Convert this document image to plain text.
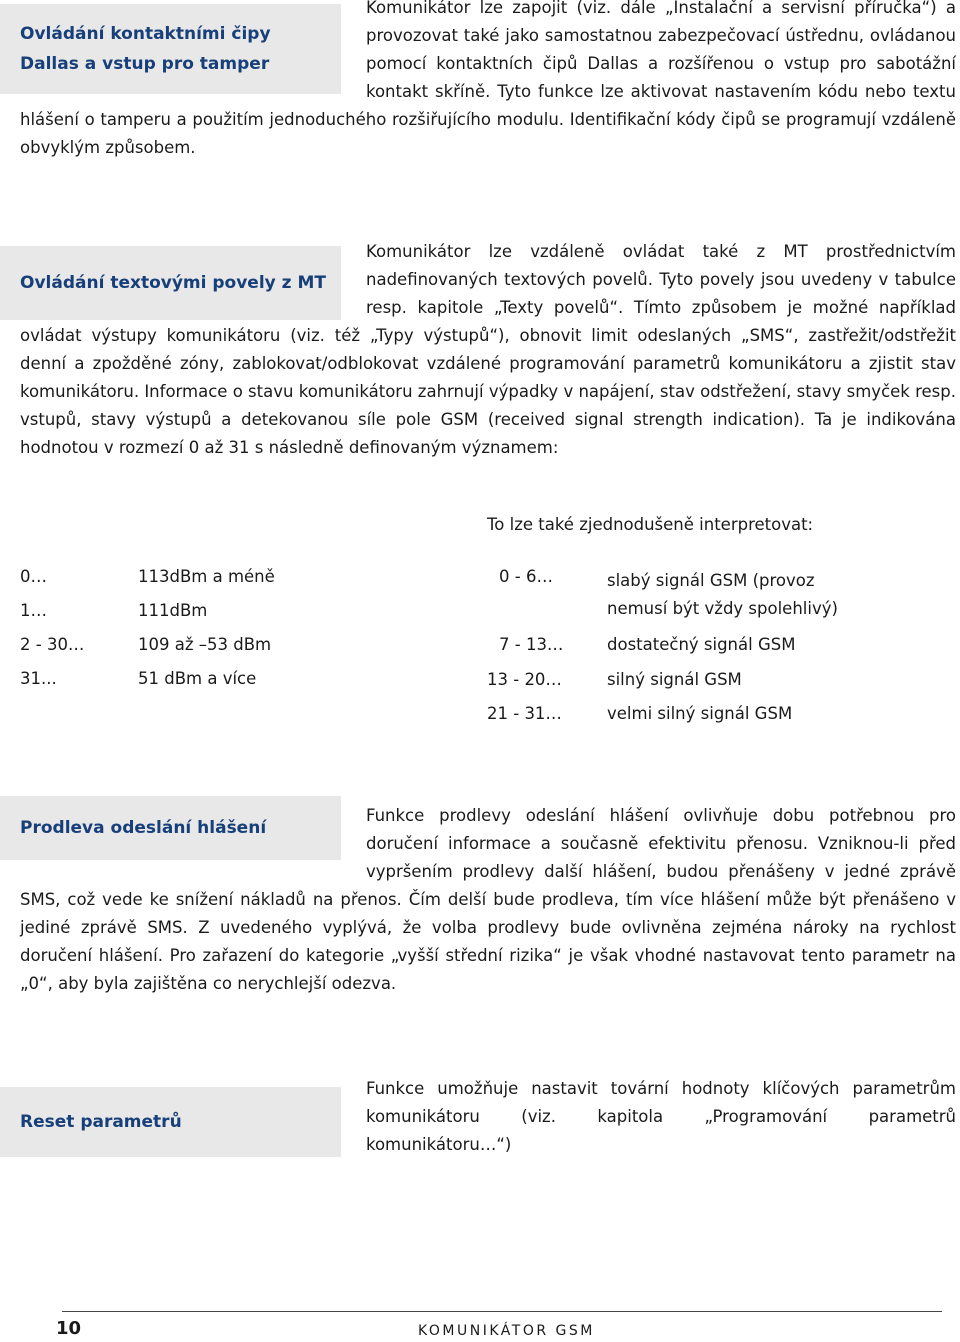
Ovládání kontaktními čipy
Dallas a vstup pro tamper

Komunikátor lze zapojit (viz. dále „Instalační a servisní příručka“) a provozovat také jako samostatnou zabezpečovací ústřednu, ovládanou pomocí kontaktních čipů Dallas a rozšířenou o vstup pro sabotážní kontakt skříně. Tyto funkce lze aktivovat nastavením kódu nebo textu hlášení o tamperu a použitím jednoduchého rozšiřujícího modulu. Identifikační kódy čipů se programují vzdáleně obvyklým způsobem.

Ovládání textovými povely z MT

Komunikátor lze vzdáleně ovládat také z MT prostřednictvím nadefinovaných textových povelů. Tyto povely jsou uvedeny v tabulce resp. kapitole „Texty povelů“. Tímto způsobem je možné například ovládat výstupy komunikátoru (viz. též „Typy výstupů“), obnovit limit odeslaných „SMS“, zastřežit/odstřežit denní a zpožděné zóny, zablokovat/odblokovat vzdálené programování parametrů komunikátoru a zjistit stav komunikátoru. Informace o stavu komunikátoru zahrnují výpadky v napájení, stav odstřežení, stavy smyček resp. vstupů, stavy výstupů a detekovanou síle pole GSM (received signal strength indication). Ta je indikována hodnotou v rozmezí 0 až 31 s následně definovaným významem:

To lze také zjednodušeně interpretovat:
0…	113dBm a méně
1…	111dBm
2 - 30…	109 až –53 dBm
31...	51 dBm a více
0 - 6…	slabý signál GSM (provoz nemusí být vždy spolehlivý)
7 - 13…	dostatečný signál GSM
13 - 20…	silný signál GSM
21 - 31…	velmi silný signál GSM
Prodleva odeslání hlášení

Funkce prodlevy odeslání hlášení ovlivňuje dobu potřebnou pro doručení informace a současně efektivitu přenosu. Vzniknou-li před vypršením prodlevy další hlášení, budou přenášeny v jedné zprávě SMS, což vede ke snížení nákladů na přenos. Čím delší bude prodleva, tím více hlášení může být přenášeno v jediné zprávě SMS. Z uvedeného vyplývá, že volba prodlevy bude ovlivněna zejména nároky na rychlost doručení hlášení. Pro zařazení do kategorie „vyšší střední rizika“ je však vhodné nastavovat tento parametr na „0“, aby byla zajištěna co nerychlejší odezva.

Reset parametrů

Funkce umožňuje nastavit tovární hodnoty klíčových parametrům komunikátoru (viz. kapitola „Programování parametrů komunikátoru…“)

10	KOMUNIKÁTOR GSM
